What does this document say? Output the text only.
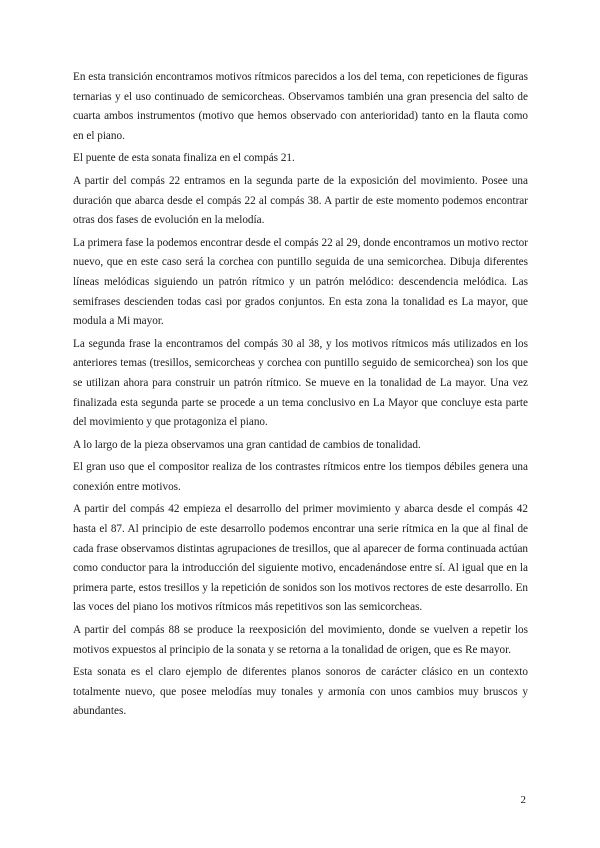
En esta transición encontramos motivos rítmicos parecidos a los del tema, con repeticiones de figuras ternarias y el uso continuado de semicorcheas. Observamos también una gran presencia del salto de cuarta ambos instrumentos (motivo que hemos observado con anterioridad) tanto en la flauta como en el piano.

El puente de esta sonata finaliza en el compás 21.

A partir del compás 22 entramos en la segunda parte de la exposición del movimiento. Posee una duración que abarca desde el compás 22 al compás 38. A partir de este momento podemos encontrar otras dos fases de evolución en la melodía.

La primera fase la podemos encontrar desde el compás 22 al 29, donde encontramos un motivo rector nuevo, que en este caso será la corchea con puntillo seguida de una semicorchea. Dibuja diferentes líneas melódicas siguiendo un patrón rítmico y un patrón melódico: descendencia melódica. Las semifrases descienden todas casi por grados conjuntos. En esta zona la tonalidad es La mayor, que modula a Mi mayor.

La segunda frase la encontramos del compás 30 al 38, y los motivos rítmicos más utilizados en los anteriores temas (tresillos, semicorcheas y corchea con puntillo seguido de semicorchea) son los que se utilizan ahora para construir un patrón rítmico. Se mueve en la tonalidad de La mayor. Una vez finalizada esta segunda parte se procede a un tema conclusivo en La Mayor que concluye esta parte del movimiento y que protagoniza el piano.

A lo largo de la pieza observamos una gran cantidad de cambios de tonalidad.

El gran uso que el compositor realiza de los contrastes rítmicos entre los tiempos débiles genera una conexión entre motivos.

A partir del compás 42 empieza el desarrollo del primer movimiento y abarca desde el compás 42 hasta el 87. Al principio de este desarrollo podemos encontrar una serie rítmica en la que al final de cada frase observamos distintas agrupaciones de tresillos, que al aparecer de forma continuada actúan como conductor para la introducción del siguiente motivo, encadenándose entre sí. Al igual que en la primera parte, estos tresillos y la repetición de sonidos son los motivos rectores de este desarrollo. En las voces del piano los motivos rítmicos más repetitivos son las semicorcheas.

A partir del compás 88 se produce la reexposición del movimiento, donde se vuelven a repetir los motivos expuestos al principio de la sonata y se retorna a la tonalidad de origen, que es Re mayor.

Esta sonata es el claro ejemplo de diferentes planos sonoros de carácter clásico en un contexto totalmente nuevo, que posee melodías muy tonales y armonía con unos cambios muy bruscos y abundantes.

2
